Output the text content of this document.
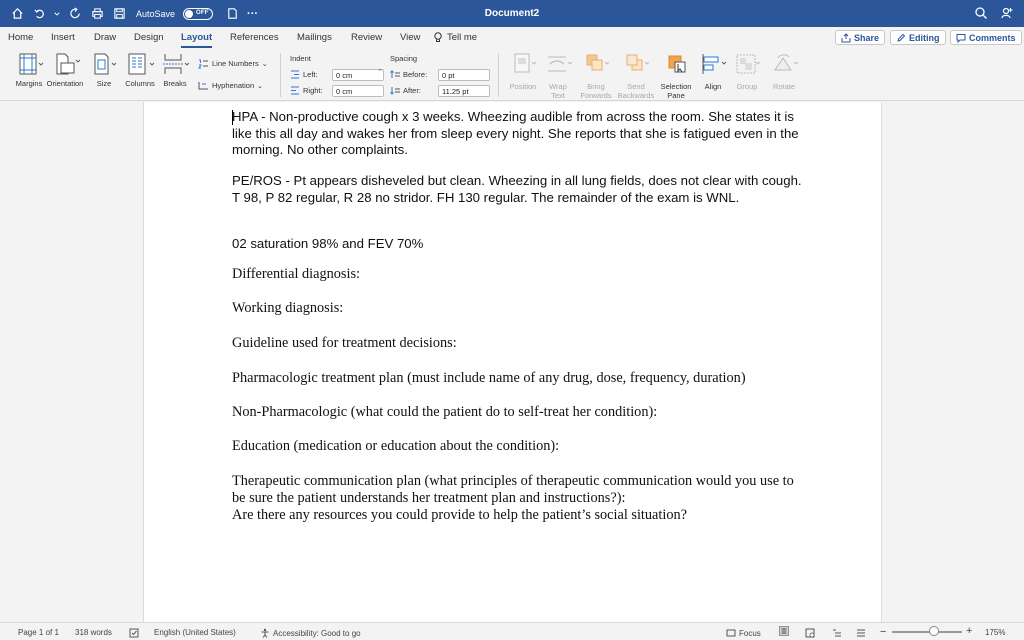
AutoSave	OFF	···	Document2
Home Insert Draw Design Layout References Mailings Review View	Tell me	Share	Editing	Comments
Margins Orientation	Size	Columns	Breaks
Line Numbers ⌄
Hyphenation ⌄
Indent
Left:	0 cm	⌃

Right:	0 cm
Spacing
Before:	0 pt
After:	11.25 pt
Position	Wrap
Text
Bring
Forwards
Send
Backwards
Selection
Pane
Align	Group	Rotate
HPA - Non-productive cough x 3 weeks. Wheezing audible from across the room. She states it is like this all day and wakes her from sleep every night. She reports that she is fatigued even in the morning. No other complaints.
PE/ROS - Pt appears disheveled but clean. Wheezing in all lung fields, does not clear with cough. T 98, P 82 regular, R 28 no stridor. FH 130 regular. The remainder of the exam is WNL.
02 saturation 98% and FEV 70%
Differential diagnosis:
Working diagnosis:
Guideline used for treatment decisions:
Pharmacologic treatment plan (must include name of any drug, dose, frequency, duration)
Non-Pharmacologic (what could the patient do to self-treat her condition):
Education (medication or education about the condition):
Therapeutic communication plan (what principles of therapeutic communication would you use to be sure the patient understands her treatment plan and instructions?):
Are there any resources you could provide to help the patient’s social situation?
Page 1 of 1 318 words	English (United States)	Accessibility: Good to go	Focus	−	+ 175%
